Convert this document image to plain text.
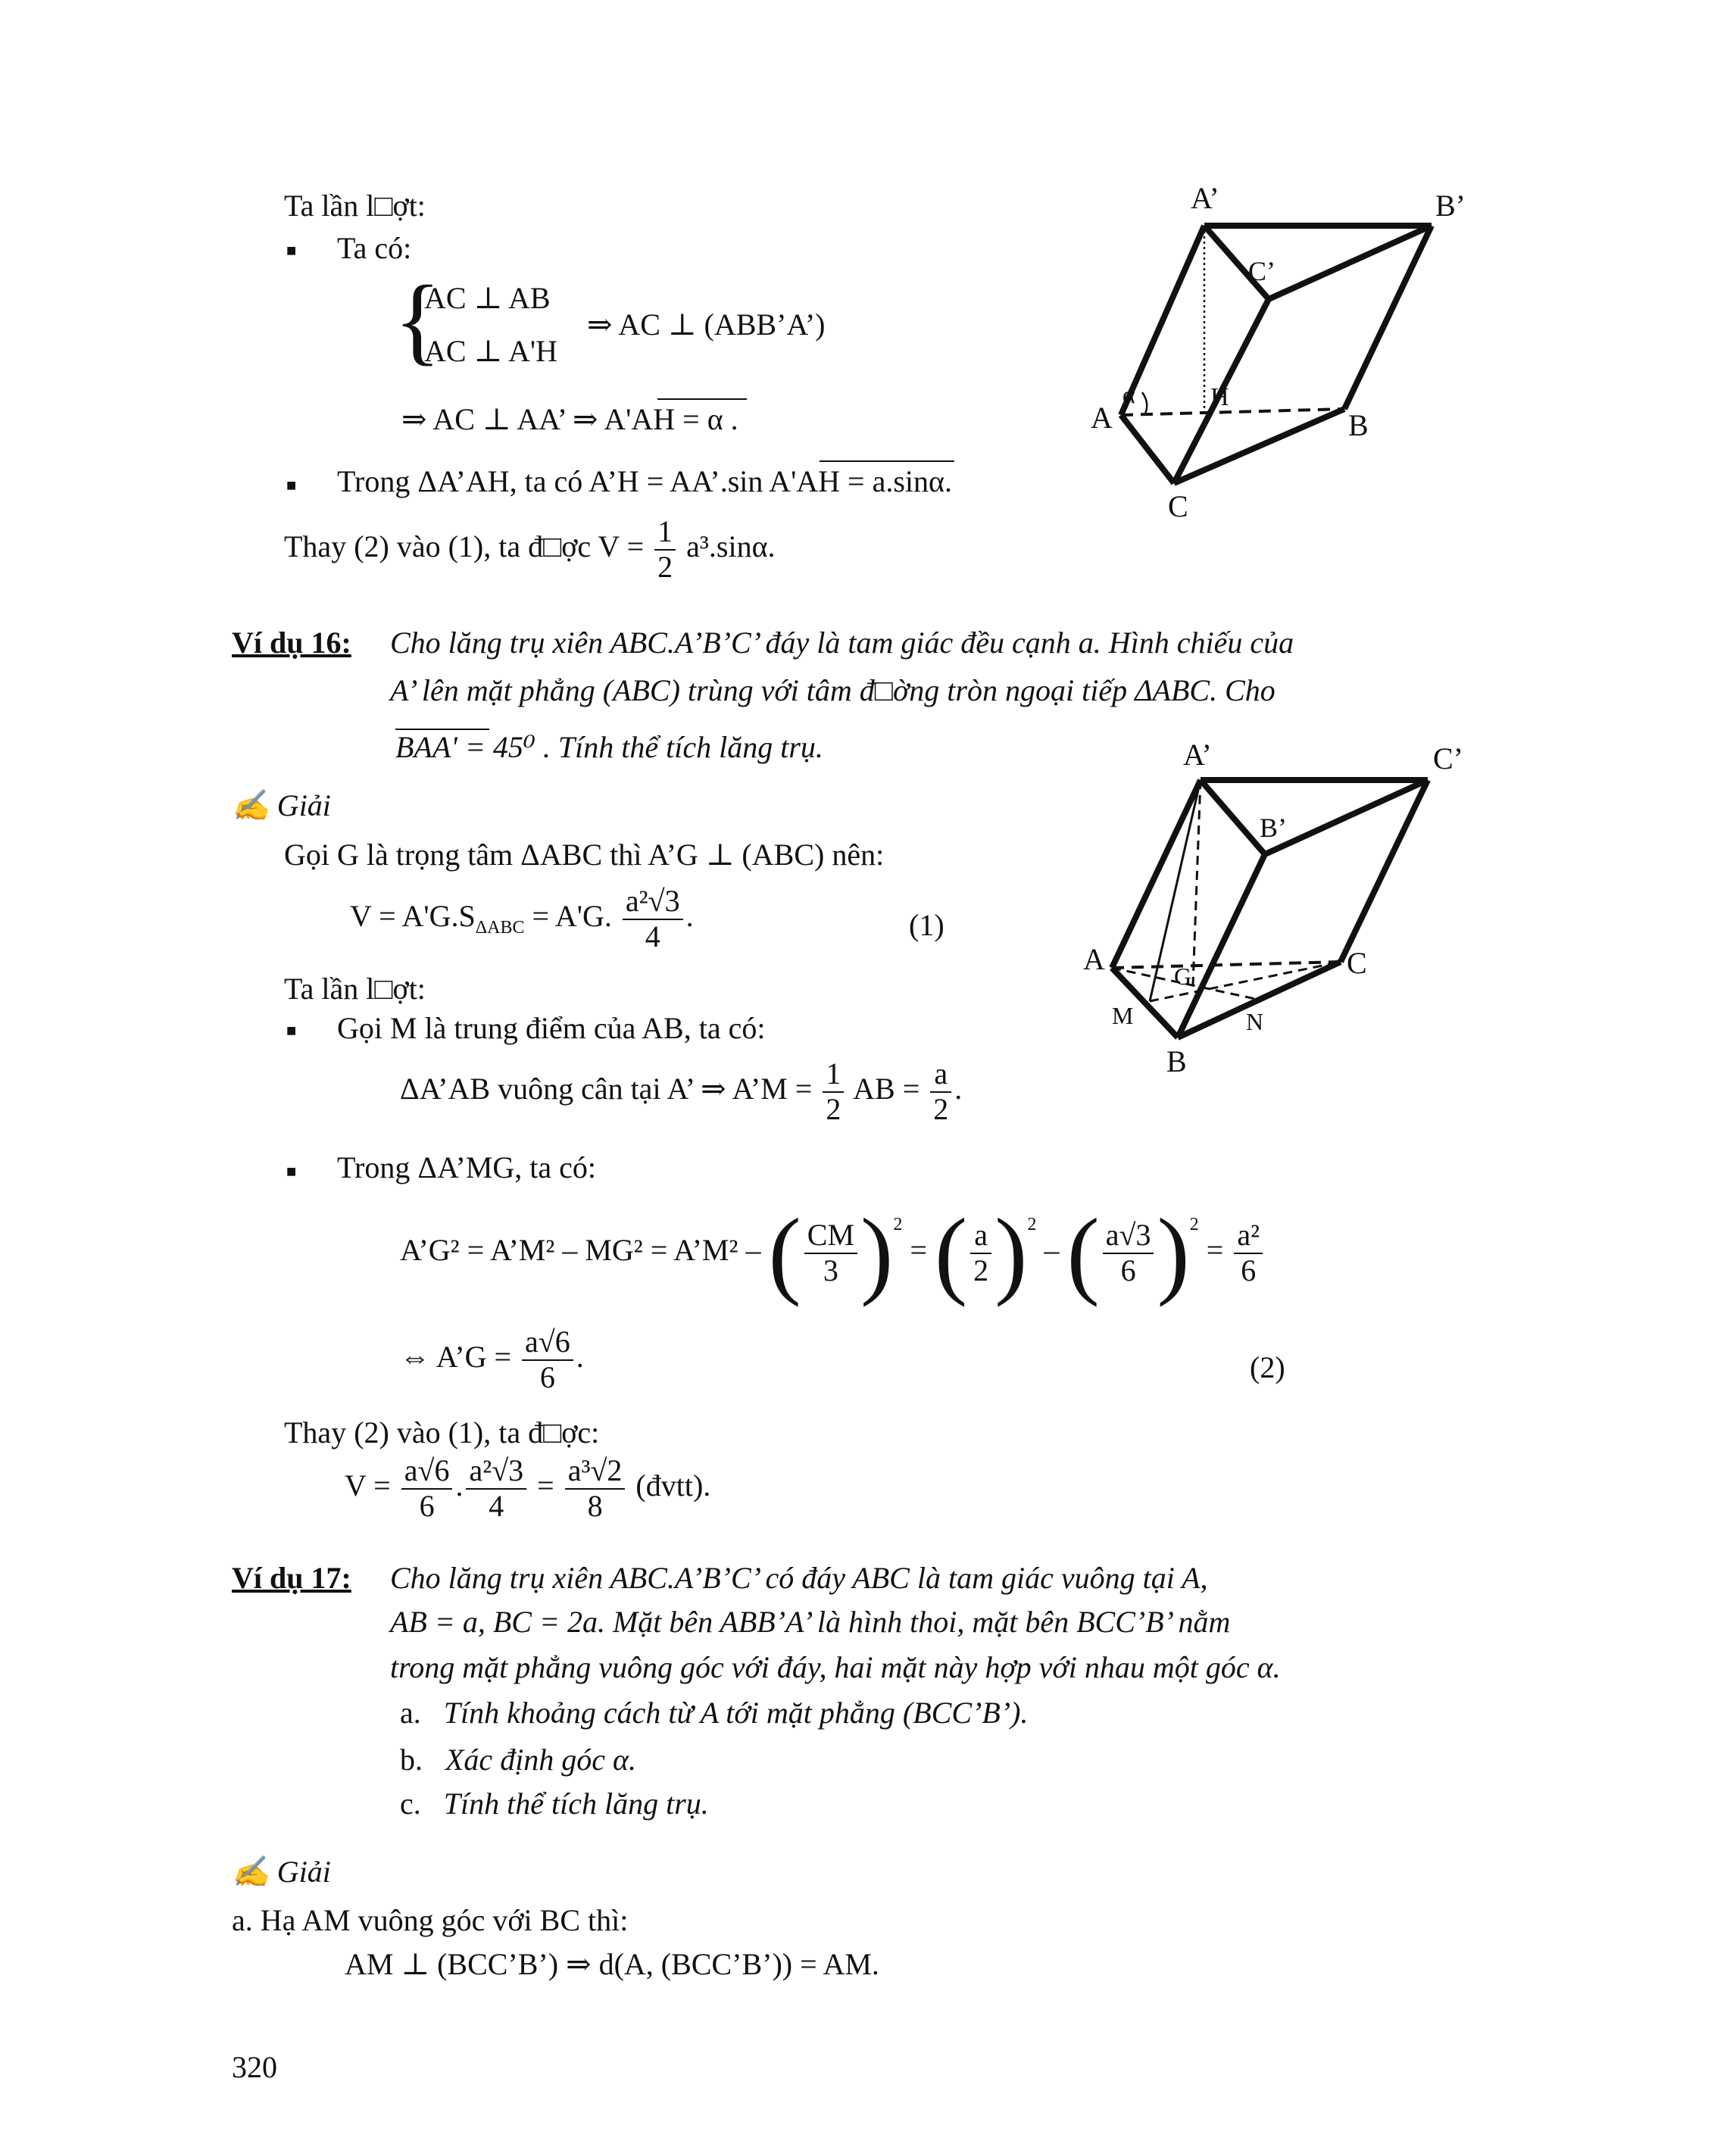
Ta lần l□ợt:
■ Ta có:
{
AC ⊥ AB
AC ⊥ A'H
⇒ AC ⊥ (ABB’A’)
⇒ AC ⊥ AA’ ⇒ A'AH = α .
■ Trong ΔA’AH, ta có A’H = AA’.sin A'AH = a.sinα.
Thay (2) vào (1), ta đ□ợc $V = \frac{1}{2} a^3.\sin\alpha$.
A’	B’
C’
A	B
C
H
α
Ví dụ 16: Cho lăng trụ xiên ABC.A’B’C’ đáy là tam giác đều cạnh a. Hình chiếu của
A’ lên mặt phẳng (ABC) trùng với tâm đ□ờng tròn ngoại tiếp ΔABC. Cho
BAA' = 45⁰ . Tính thể tích lăng trụ.
✍ Giải
Gọi G là trọng tâm ΔABC thì A’G ⊥ (ABC) nên:
$V = A'G.S_{\Delta ABC} = A'G$. $\frac{\text{a²√3}}{4}$ .	(1)
Ta lần l□ợt:
■ Gọi M là trung điểm của AB, ta có:
ΔA’AB vuông cân tại A’ ⇒ A’M = $\frac{1}{2}$ AB = $\frac{a}{2}$ .
■ Trong ΔA’MG, ta có:
A’G² = A’M² – MG² = A’M² – ( $\frac{CM}{3} )^2$ = ( $\frac{a}{2} )^2$ – ( $\frac{a√3}{6} )^2 = \frac{\text{a²}}{6}$
⇔ A’G = $\frac{a√6}{6}$ .	(2)
Thay (2) vào (1), ta đ□ợc:
$V = \frac{a√6}{6}$ . $\frac{\text{a²√3}}{4} = \frac{\text{a³√2}}{8}$ (đvtt).
A’	C’
B’
A	C
B
M	N
G
Ví dụ 17: Cho lăng trụ xiên ABC.A’B’C’ có đáy ABC là tam giác vuông tại A,
AB = a, BC = 2a. Mặt bên ABB’A’ là hình thoi, mặt bên BCC’B’ nằm
trong mặt phẳng vuông góc với đáy, hai mặt này hợp với nhau một góc α.
a. Tính khoảng cách từ A tới mặt phẳng (BCC’B’).
b. Xác định góc α.
c. Tính thể tích lăng trụ.
✍ Giải
a. Hạ AM vuông góc với BC thì:
AM ⊥ (BCC’B’) ⇒ d(A, (BCC’B’)) = AM.
320
